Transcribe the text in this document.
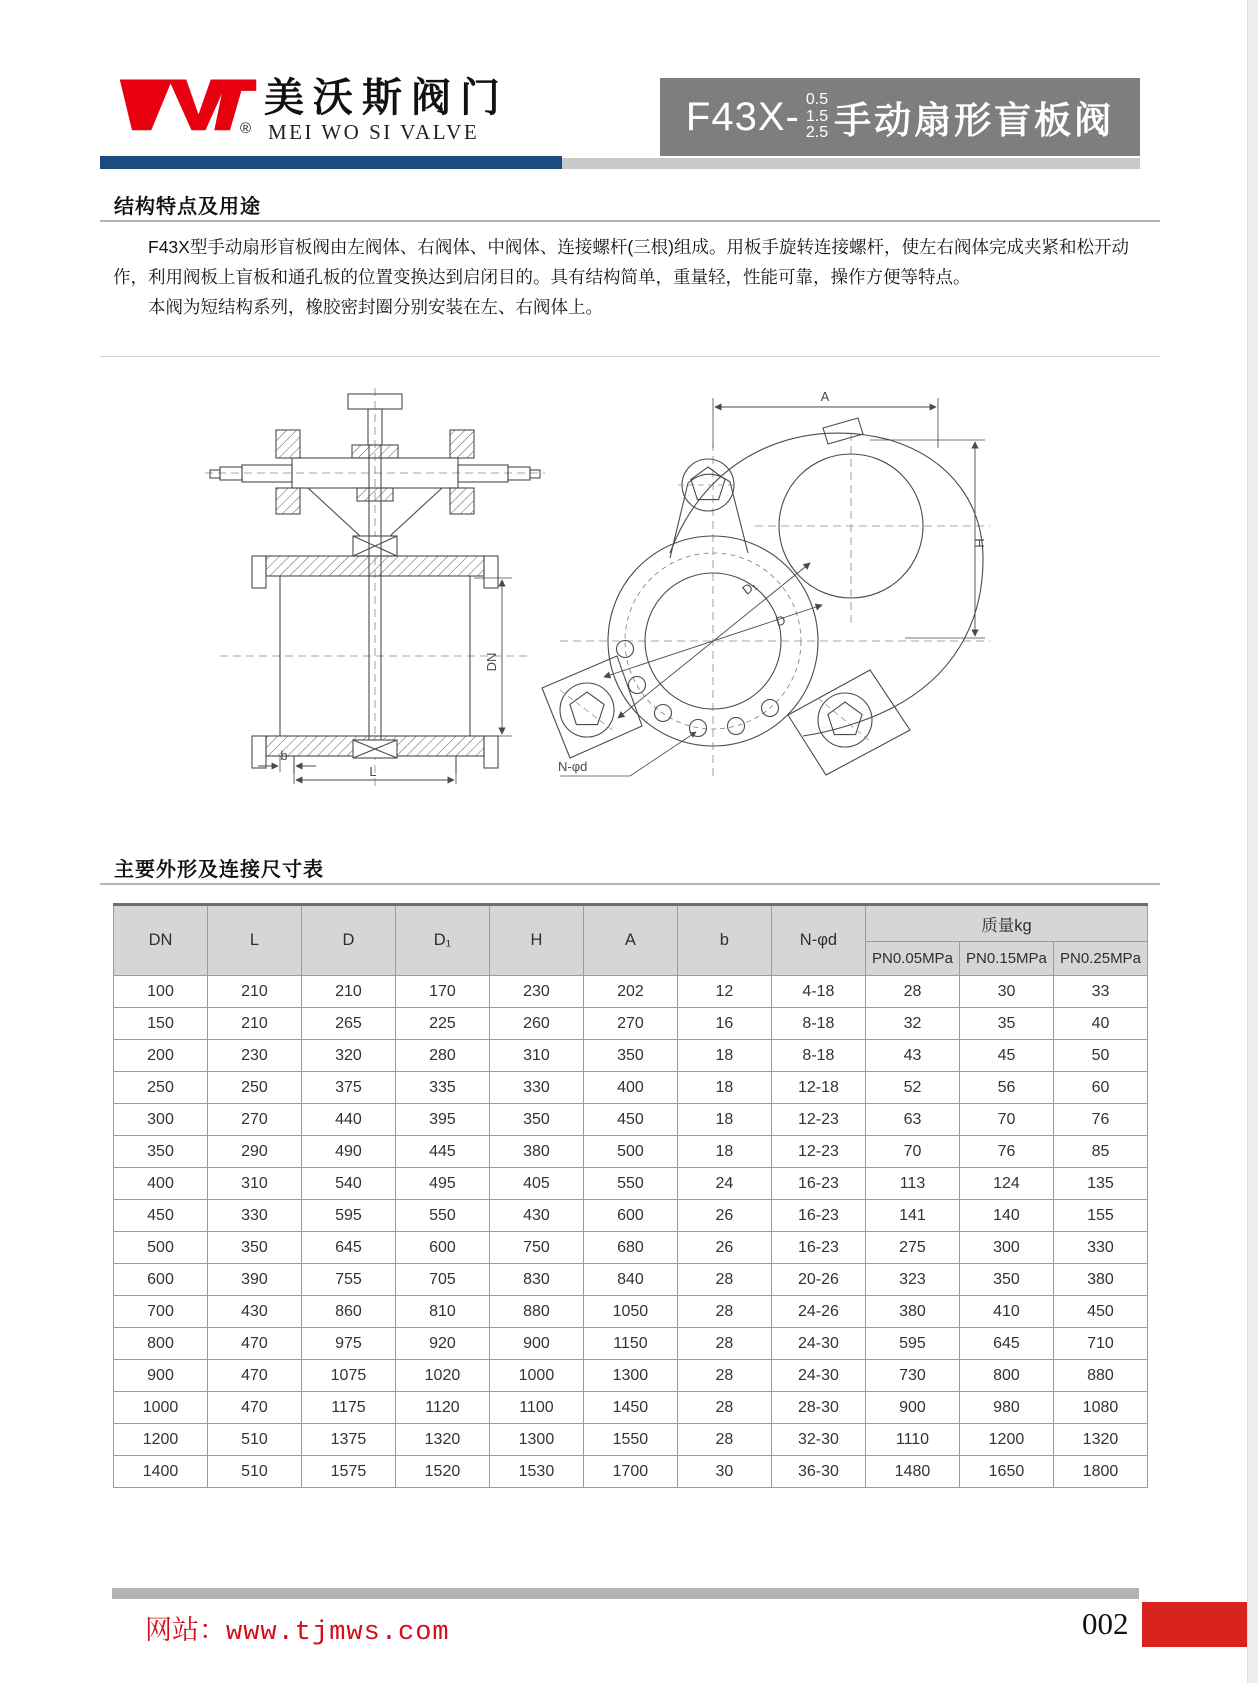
®
美沃斯阀门
MEI WO SI VALVE	F43X- 0.5
1.5
2.5 手动扇形盲板阀
结构特点及用途

F43X型手动扇形盲板阀由左阀体、右阀体、中阀体、连接螺杆(三根)组成。用板手旋转连接螺杆，使左右阀体完成夹紧和松开动作，利用阀板上盲板和通孔板的位置变换达到启闭目的。具有结构简单，重量轻，性能可靠，操作方便等特点。

本阀为短结构系列，橡胶密封圈分别安装在左、右阀体上。

DN
b
L
A
H
D₁
D
N-φd
主要外形及连接尺寸表
DN	L	D	D₁	H	A	b	N-φd	质量kg		
								PN0.05MPa	PN0.15MPa	PN0.25MPa
100	210	210	170	230	202	12	4-18	28	30	33
150	210	265	225	260	270	16	8-18	32	35	40
200	230	320	280	310	350	18	8-18	43	45	50
250	250	375	335	330	400	18	12-18	52	56	60
300	270	440	395	350	450	18	12-23	63	70	76
350	290	490	445	380	500	18	12-23	70	76	85
400	310	540	495	405	550	24	16-23	113	124	135
450	330	595	550	430	600	26	16-23	141	140	155
500	350	645	600	750	680	26	16-23	275	300	330
600	390	755	705	830	840	28	20-26	323	350	380
700	430	860	810	880	1050	28	24-26	380	410	450
800	470	975	920	900	1150	28	24-30	595	645	710
900	470	1075	1020	1000	1300	28	24-30	730	800	880
1000	470	1175	1120	1100	1450	28	28-30	900	980	1080
1200	510	1375	1320	1300	1550	28	32-30	1110	1200	1320
1400	510	1575	1520	1530	1700	30	36-30	1480	1650	1800
网站：www.tjmws.com	002
